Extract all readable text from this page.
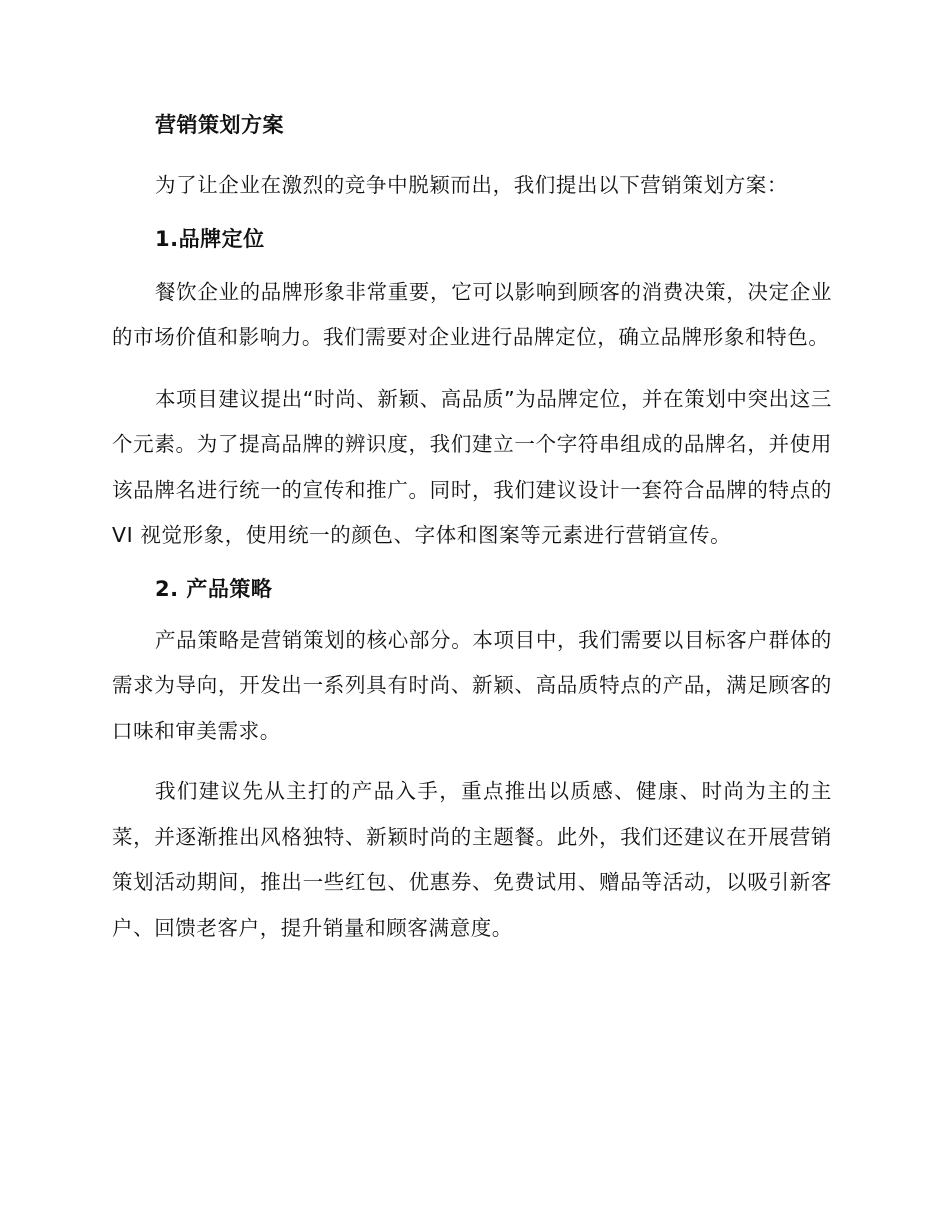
营销策划方案

为了让企业在激烈的竞争中脱颖而出，我们提出以下营销策划方案：

1.品牌定位

餐饮企业的品牌形象非常重要，它可以影响到顾客的消费决策，决定企业的市场价值和影响力。我们需要对企业进行品牌定位，确立品牌形象和特色。

本项目建议提出“时尚、新颖、高品质”为品牌定位，并在策划中突出这三个元素。为了提高品牌的辨识度，我们建立一个字符串组成的品牌名，并使用该品牌名进行统一的宣传和推广。同时，我们建议设计一套符合品牌的特点的 VI 视觉形象，使用统一的颜色、字体和图案等元素进行营销宣传。

2. 产品策略

产品策略是营销策划的核心部分。本项目中，我们需要以目标客户群体的需求为导向，开发出一系列具有时尚、新颖、高品质特点的产品，满足顾客的口味和审美需求。

我们建议先从主打的产品入手，重点推出以质感、健康、时尚为主的主菜，并逐渐推出风格独特、新颖时尚的主题餐。此外，我们还建议在开展营销策划活动期间，推出一些红包、优惠券、免费试用、赠品等活动，以吸引新客户、回馈老客户，提升销量和顾客满意度。
